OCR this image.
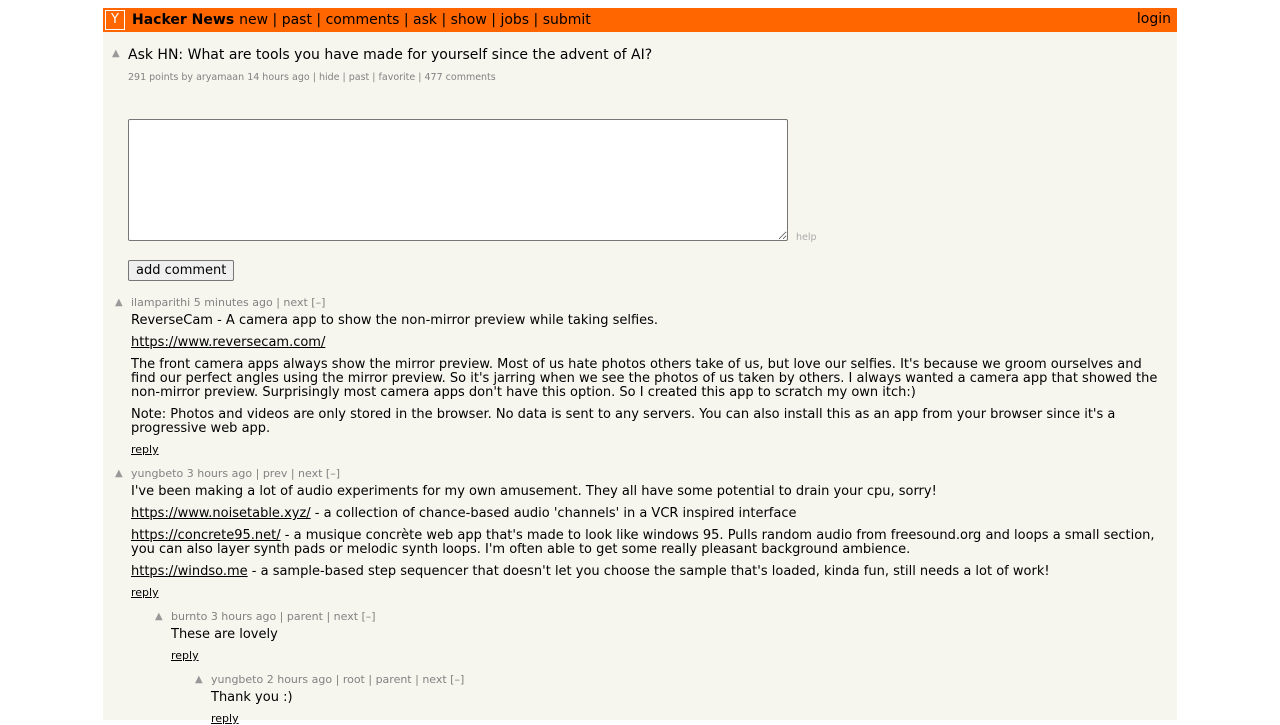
Y Hacker News new | past | comments | ask | show | jobs | submit	login
▲ Ask HN: What are tools you have made for yourself since the advent of AI?
291 points by aryamaan 14 hours ago | hide | past | favorite | 477 comments
help
add comment
▲ ilamparithi 5 minutes ago | next [–]

ReverseCam - A camera app to show the non-mirror preview while taking selfies.

https://www.reversecam.com/

The front camera apps always show the mirror preview. Most of us hate photos others take of us, but love our selfies. It's because we groom ourselves and find our perfect angles using the mirror preview. So it's jarring when we see the photos of us taken by others. I always wanted a camera app that showed the non-mirror preview. Surprisingly most camera apps don't have this option. So I created this app to scratch my own itch:)

Note: Photos and videos are only stored in the browser. No data is sent to any servers. You can also install this as an app from your browser since it's a progressive web app.

reply
▲ yungbeto 3 hours ago | prev | next [–]

I've been making a lot of audio experiments for my own amusement. They all have some potential to drain your cpu, sorry!

https://www.noisetable.xyz/ - a collection of chance-based audio 'channels' in a VCR inspired interface

https://concrete95.net/ - a musique concrète web app that's made to look like windows 95. Pulls random audio from freesound.org and loops a small section, you can also layer synth pads or melodic synth loops. I'm often able to get some really pleasant background ambience.

https://windso.me - a sample-based step sequencer that doesn't let you choose the sample that's loaded, kinda fun, still needs a lot of work!

reply
▲ burnto 3 hours ago | parent | next [–]

These are lovely

reply
▲ yungbeto 2 hours ago | root | parent | next [–]

Thank you :)

reply
